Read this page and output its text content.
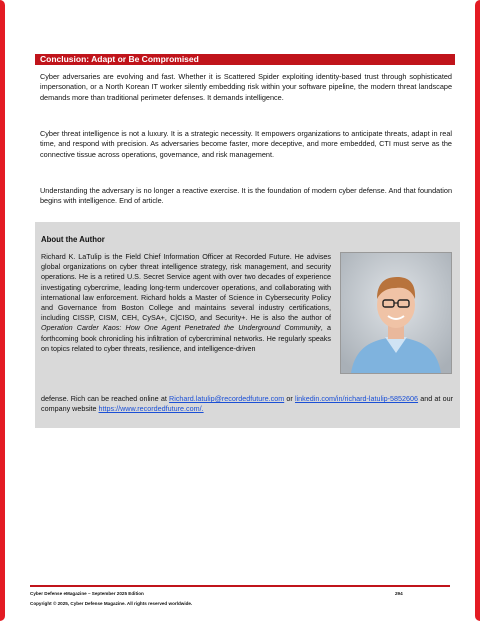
Conclusion: Adapt or Be Compromised

Cyber adversaries are evolving and fast. Whether it is Scattered Spider exploiting identity-based trust through sophisticated impersonation, or a North Korean IT worker silently embedding risk within your software pipeline, the modern threat landscape demands more than traditional perimeter defenses. It demands intelligence.

Cyber threat intelligence is not a luxury. It is a strategic necessity. It empowers organizations to anticipate threats, adapt in real time, and respond with precision. As adversaries become faster, more deceptive, and more embedded, CTI must serve as the connective tissue across operations, governance, and risk management.

Understanding the adversary is no longer a reactive exercise. It is the foundation of modern cyber defense. And that foundation begins with intelligence. End of article.

About the Author

Richard K. LaTulip is the Field Chief Information Officer at Recorded Future. He advises global organizations on cyber threat intelligence strategy, risk management, and security operations. He is a retired U.S. Secret Service agent with over two decades of experience investigating cybercrime, leading long-term undercover operations, and collaborating with international law enforcement. Richard holds a Master of Science in Cybersecurity Policy and Governance from Boston College and maintains several industry certifications, including CISSP, CISM, CEH, CySA+, C|CISO, and Security+. He is also the author of Operation Carder Kaos: How One Agent Penetrated the Underground Community, a forthcoming book chronicling his infiltration of cybercriminal networks. He regularly speaks on topics related to cyber threats, resilience, and intelligence-driven

defense. Rich can be reached online at Richard.latulip@recordedfuture.com or linkedin.com/in/richard-latulip-5852606 and at our company website https://www.recordedfuture.com/.

Cyber Defense eMagazine – September 2025 Edition	294
Copyright © 2025, Cyber Defense Magazine. All rights reserved worldwide.
